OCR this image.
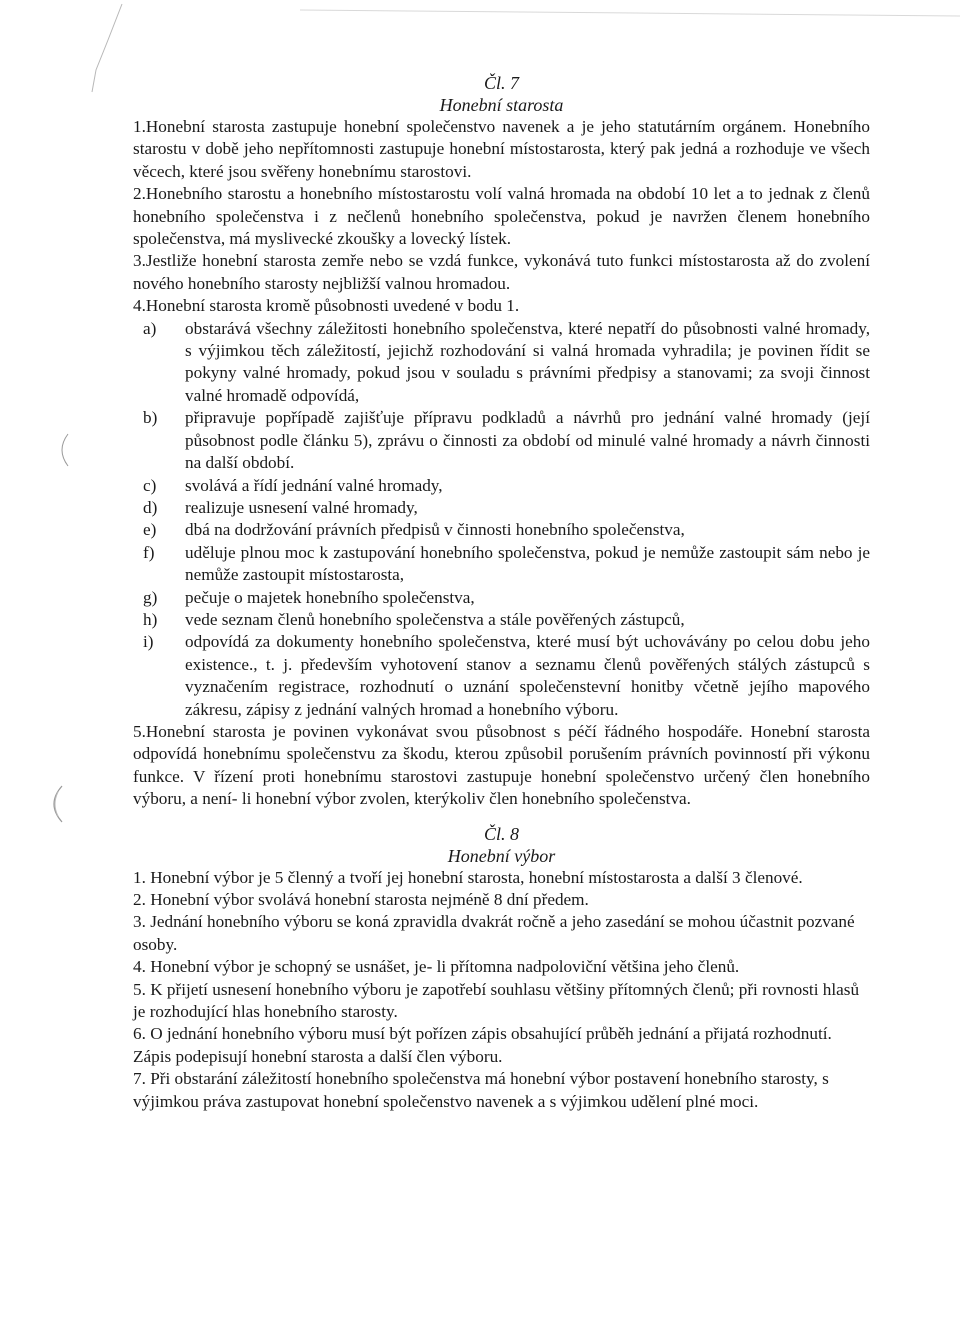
Čl. 7

Honební starosta

1.Honební starosta zastupuje honební společenstvo navenek a je jeho statutárním orgánem. Honebního starostu v době jeho nepřítomnosti zastupuje honební místostarosta, který pak jedná a rozhoduje ve všech věcech, které jsou svěřeny honebnímu starostovi.

2.Honebního starostu a honebního místostarostu volí valná hromada na období 10 let a to jednak z členů honebního společenstva i z nečlenů honebního společenstva, pokud je navržen členem honebního společenstva, má myslivecké zkoušky a lovecký lístek.

3.Jestliže honební starosta zemře nebo se vzdá funkce, vykonává tuto funkci místostarosta až do zvolení nového honebního starosty nejbližší valnou hromadou.

4.Honební starosta kromě působnosti uvedené v bodu 1.

a) obstarává všechny záležitosti honebního společenstva, které nepatří do působnosti valné hromady, s výjimkou těch záležitostí, jejichž rozhodování si valná hromada vyhradila; je povinen řídit se pokyny valné hromady, pokud jsou v souladu s právními předpisy a stanovami; za svoji činnost valné hromadě odpovídá,
b) připravuje popřípadě zajišťuje přípravu podkladů a návrhů pro jednání valné hromady (její působnost podle článku 5), zprávu o činnosti za období od minulé valné hromady a návrh činnosti na další období.
c) svolává a řídí jednání valné hromady,
d) realizuje usnesení valné hromady,
e) dbá na dodržování právních předpisů v činnosti honebního společenstva,
f) uděluje plnou moc k zastupování honebního společenstva, pokud je nemůže zastoupit sám nebo je nemůže zastoupit místostarosta,
g) pečuje o majetek honebního společenstva,
h) vede seznam členů honebního společenstva a stále pověřených zástupců,
i) odpovídá za dokumenty honebního společenstva, které musí být uchovávány po celou dobu jeho existence., t. j. především vyhotovení stanov a seznamu členů pověřených stálých zástupců s vyznačením registrace, rozhodnutí o uznání společenstevní honitby včetně jejího mapového zákresu, zápisy z jednání valných hromad a honebního výboru.

5.Honební starosta je povinen vykonávat svou působnost s péčí řádného hospodáře. Honební starosta odpovídá honebnímu společenstvu za škodu, kterou způsobil porušením právních povinností při výkonu funkce. V řízení proti honebnímu starostovi zastupuje honební společenstvo určený člen honebního výboru, a není- li honební výbor zvolen, kterýkoliv člen honebního společenstva.

Čl. 8

Honební výbor

1. Honební výbor je 5 členný a tvoří jej honební starosta, honební místostarosta a další 3 členové.

2. Honební výbor svolává honební starosta nejméně 8 dní předem.

3. Jednání honebního výboru se koná zpravidla dvakrát ročně a jeho zasedání se mohou účastnit pozvané osoby.

4. Honební výbor je schopný se usnášet, je- li přítomna nadpoloviční většina jeho členů.

5. K přijetí usnesení honebního výboru je zapotřebí souhlasu většiny přítomných členů; při rovnosti hlasů je rozhodující hlas honebního starosty.

6. O jednání honebního výboru musí být pořízen zápis obsahující průběh jednání a přijatá rozhodnutí. Zápis podepisují honební starosta a další člen výboru.

7. Při obstarání záležitostí honebního společenstva má honební výbor postavení honebního starosty, s výjimkou práva zastupovat honební společenstvo navenek a s výjimkou udělení plné moci.
